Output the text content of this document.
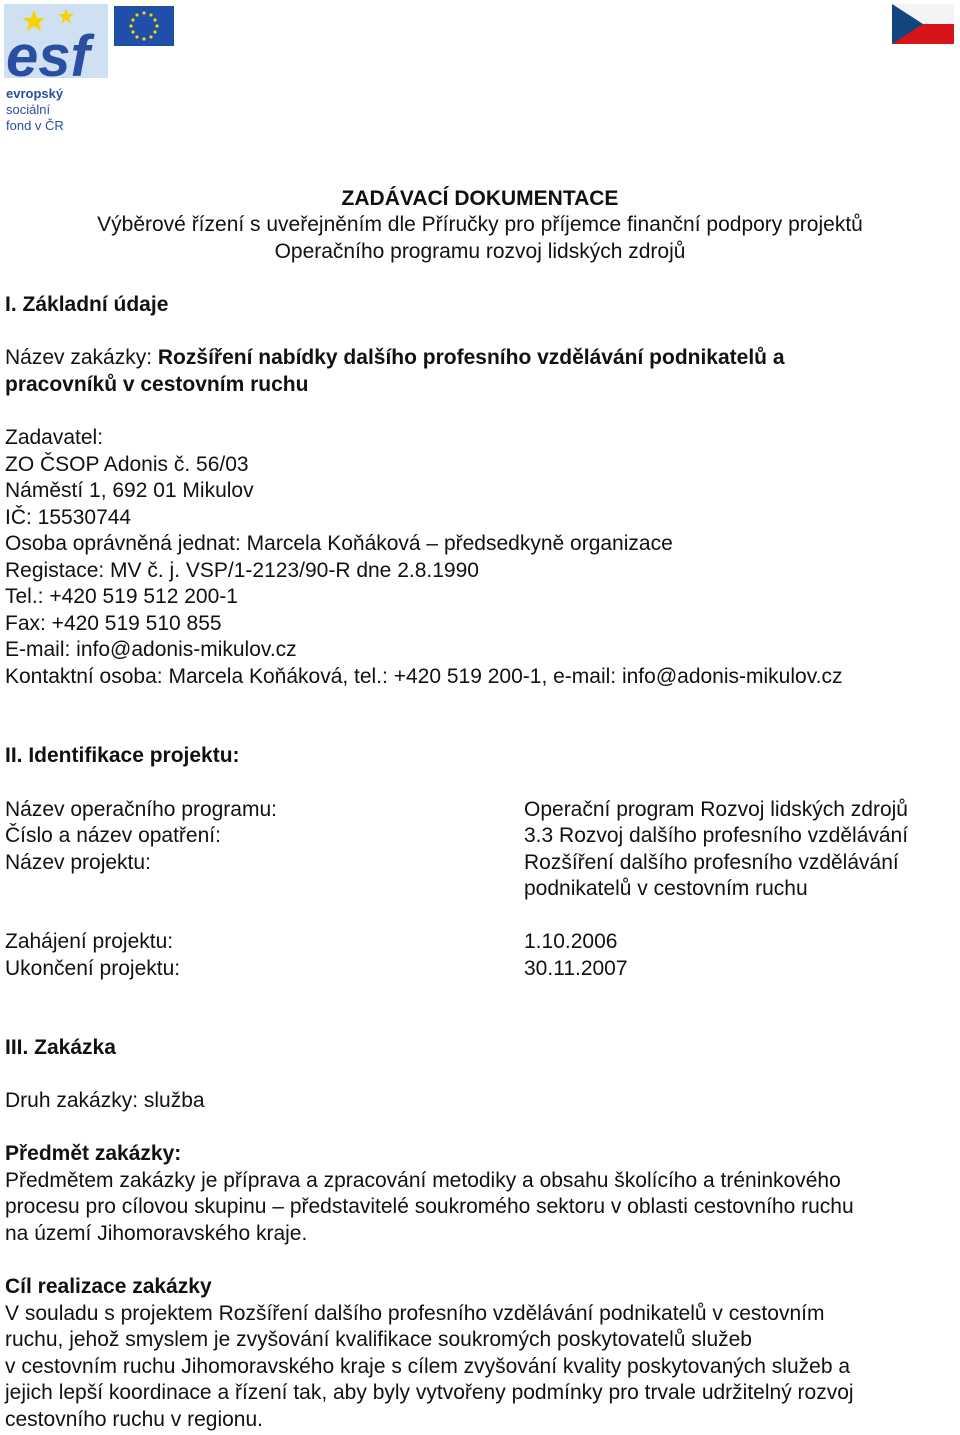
esf
evropský
sociální
fond v ČR
ZADÁVACÍ DOKUMENTACE
Výběrové řízení s uveřejněním dle Příručky pro příjemce finanční podpory projektů
Operačního programu rozvoj lidských zdrojů
I. Základní údaje
Název zakázky: Rozšíření nabídky dalšího profesního vzdělávání podnikatelů a
pracovníků v cestovním ruchu
Zadavatel:
ZO ČSOP Adonis č. 56/03
Náměstí 1, 692 01 Mikulov
IČ: 15530744
Osoba oprávněná jednat: Marcela Koňáková – předsedkyně organizace
Registace: MV č. j. VSP/1-2123/90-R dne 2.8.1990
Tel.: +420 519 512 200-1
Fax: +420 519 510 855
E-mail: info@adonis-mikulov.cz
Kontaktní osoba: Marcela Koňáková, tel.: +420 519 200-1, e-mail: info@adonis-mikulov.cz
II. Identifikace projektu:
Název operačního programu:	Operační program Rozvoj lidských zdrojů
Číslo a název opatření:	3.3 Rozvoj dalšího profesního vzdělávání
Název projektu:	Rozšíření dalšího profesního vzdělávání
podnikatelů v cestovním ruchu
Zahájení projektu:	1.10.2006
Ukončení projektu:	30.11.2007
III. Zakázka
Druh zakázky: služba
Předmět zakázky:
Předmětem zakázky je příprava a zpracování metodiky a obsahu školícího a tréninkového
procesu pro cílovou skupinu – představitelé soukromého sektoru v oblasti cestovního ruchu
na území Jihomoravského kraje.
Cíl realizace zakázky
V souladu s projektem Rozšíření dalšího profesního vzdělávání podnikatelů v cestovním
ruchu, jehož smyslem je zvyšování kvalifikace soukromých poskytovatelů služeb
v cestovním ruchu Jihomoravského kraje s cílem zvyšování kvality poskytovaných služeb a
jejich lepší koordinace a řízení tak, aby byly vytvořeny podmínky pro trvale udržitelný rozvoj
cestovního ruchu v regionu.
